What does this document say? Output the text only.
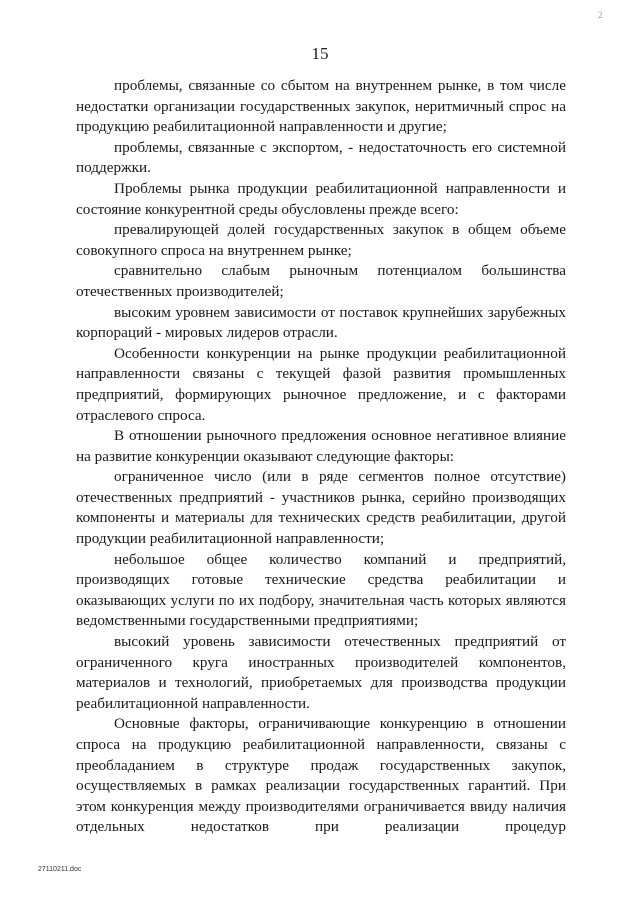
2
15

проблемы, связанные со сбытом на внутреннем рынке, в том числе недостатки организации государственных закупок, неритмичный спрос на продукцию реабилитационной направленности и другие;

проблемы, связанные с экспортом, - недостаточность его системной поддержки.

Проблемы рынка продукции реабилитационной направленности и состояние конкурентной среды обусловлены прежде всего:

превалирующей долей государственных закупок в общем объеме совокупного спроса на внутреннем рынке;

сравнительно слабым рыночным потенциалом большинства отечественных производителей;

высоким уровнем зависимости от поставок крупнейших зарубежных корпораций - мировых лидеров отрасли.

Особенности конкуренции на рынке продукции реабилитационной направленности связаны с текущей фазой развития промышленных предприятий, формирующих рыночное предложение, и с факторами отраслевого спроса.

В отношении рыночного предложения основное негативное влияние на развитие конкуренции оказывают следующие факторы:

ограниченное число (или в ряде сегментов полное отсутствие) отечественных предприятий - участников рынка, серийно производящих компоненты и материалы для технических средств реабилитации, другой продукции реабилитационной направленности;

небольшое общее количество компаний и предприятий, производящих готовые технические средства реабилитации и оказывающих услуги по их подбору, значительная часть которых являются ведомственными государственными предприятиями;

высокий уровень зависимости отечественных предприятий от ограниченного круга иностранных производителей компонентов, материалов и технологий, приобретаемых для производства продукции реабилитационной направленности.

Основные факторы, ограничивающие конкуренцию в отношении спроса на продукцию реабилитационной направленности, связаны с преобладанием в структуре продаж государственных закупок, осуществляемых в рамках реализации государственных гарантий. При этом конкуренция между производителями ограничивается ввиду наличия отдельных недостатков при реализации процедур

27110211.doc
